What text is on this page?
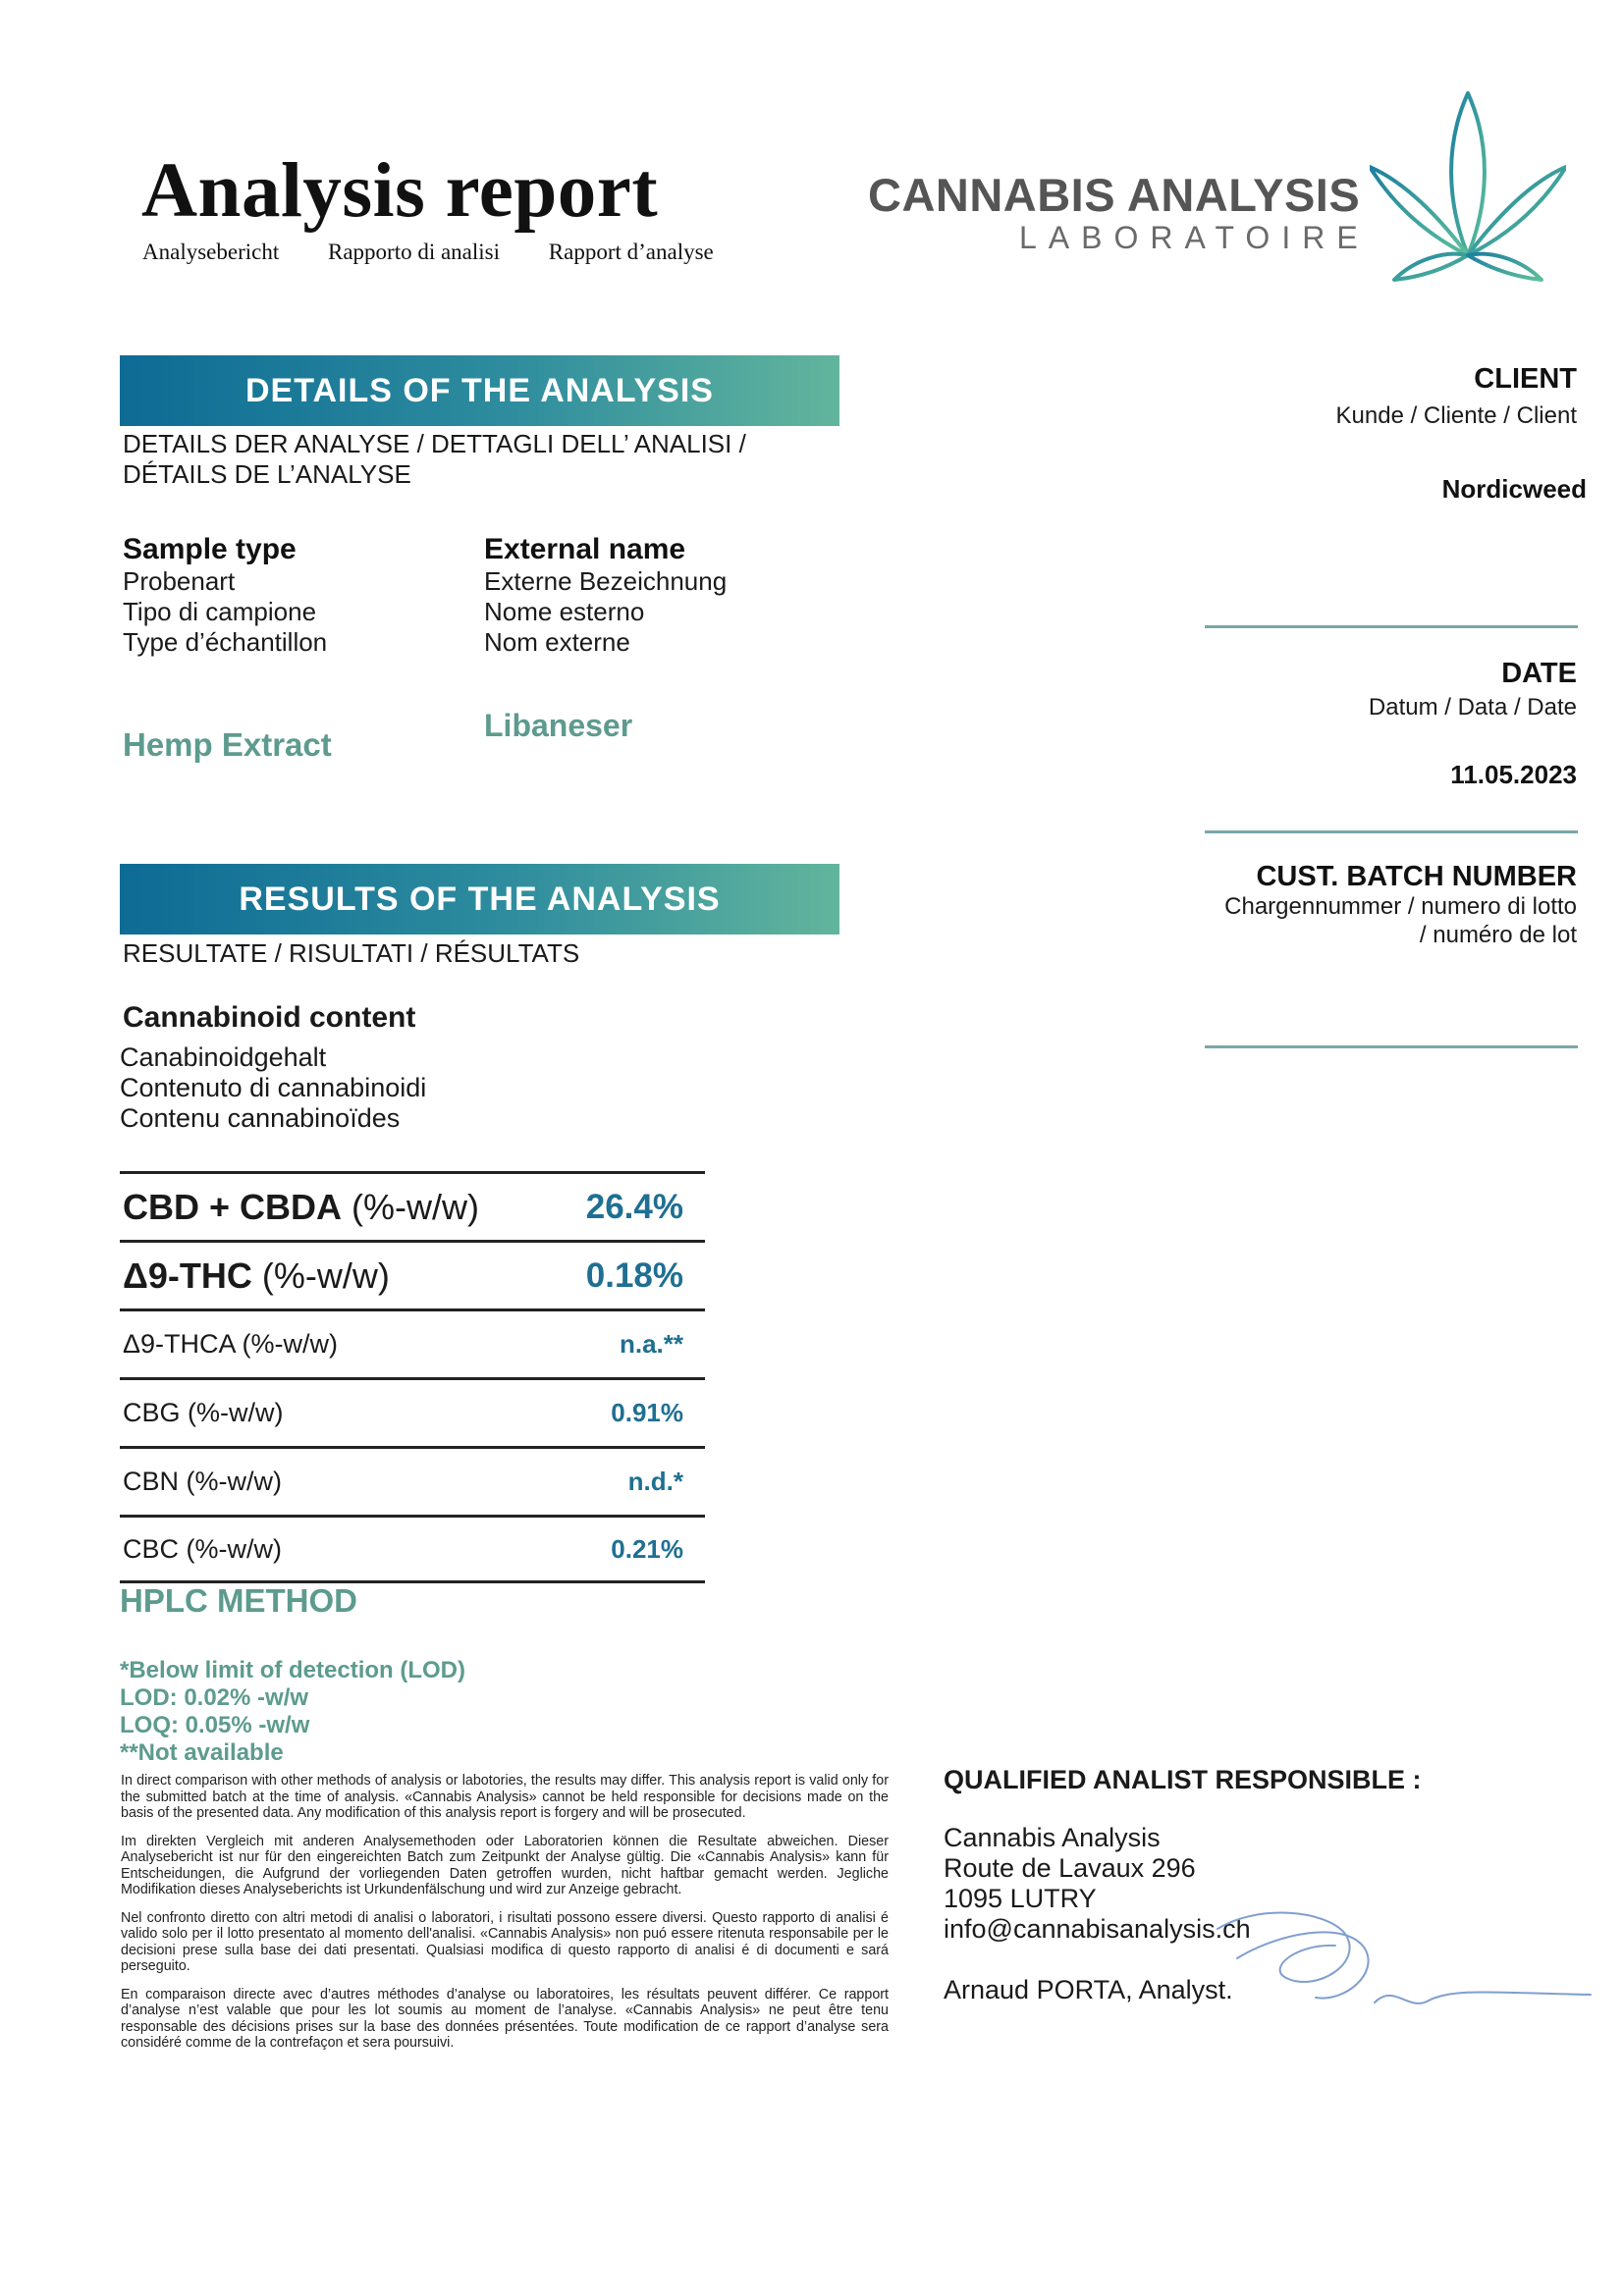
Analysis report
Analysebericht Rapporto di analisi Rapport d’analyse
CANNABIS ANALYSIS
LABORATOIRE
DETAILS OF THE ANALYSIS
DETAILS DER ANALYSE / DETTAGLI DELL’ ANALISI /
DÉTAILS DE L’ANALYSE
Sample type
Probenart
Tipo di campione
Type d’échantillon
Hemp Extract
External name
Externe Bezeichnung
Nome esterno
Nom externe
Libaneser
CLIENT
Kunde / Cliente / Client
Nordicweed
DATE
Datum / Data / Date
11.05.2023
CUST. BATCH NUMBER
Chargennummer / numero di lotto
/ numéro de lot
RESULTS OF THE ANALYSIS
RESULTATE / RISULTATI / RÉSULTATS
Cannabinoid content
Canabinoidgehalt
Contenuto di cannabinoidi
Contenu cannabinoïdes
CBD + CBDA (%-w/w)	26.4%
Δ9-THC (%-w/w)	0.18%
Δ9-THCA (%-w/w)	n.a.**
CBG (%-w/w)	0.91%
CBN (%-w/w)	n.d.*
CBC (%-w/w)	0.21%
HPLC METHOD
*Below limit of detection (LOD)
LOD: 0.02% -w/w
LOQ: 0.05% -w/w
**Not available

In direct comparison with other methods of analysis or labotories, the results may differ. This analysis report is valid only for the submitted batch at the time of analysis. «Cannabis Analysis» cannot be held responsible for decisions made on the basis of the presented data. Any modification of this analysis report is forgery and will be prosecuted.

Im direkten Vergleich mit anderen Analysemethoden oder Laboratorien können die Resultate abweichen. Dieser Analysebericht ist nur für den eingereichten Batch zum Zeitpunkt der Analyse gültig. Die «Cannabis Analysis» kann für Entscheidungen, die Aufgrund der vorliegenden Daten getroffen wurden, nicht haftbar gemacht werden. Jegliche Modifikation dieses Analyseberichts ist Urkundenfälschung und wird zur Anzeige gebracht.

Nel confronto diretto con altri metodi di analisi o laboratori, i risultati possono essere diversi. Questo rapporto di analisi é valido solo per il lotto presentato al momento dell'analisi. «Cannabis Analysis» non puó essere ritenuta responsabile per le decisioni prese sulla base dei dati presentati. Qualsiasi modifica di questo rapporto di analisi é di documenti e sará perseguito.

En comparaison directe avec d’autres méthodes d’analyse ou laboratoires, les résultats peuvent différer. Ce rapport d’analyse n’est valable que pour les lot soumis au moment de l’analyse. «Cannabis Analysis» ne peut être tenu responsable des décisions prises sur la base des données présentées. Toute modification de ce rapport d’analyse sera considéré comme de la contrefaçon et sera poursuivi.

QUALIFIED ANALIST RESPONSIBLE :
Cannabis Analysis
Route de Lavaux 296
1095 LUTRY
info@cannabisanalysis.ch
Arnaud PORTA, Analyst.
